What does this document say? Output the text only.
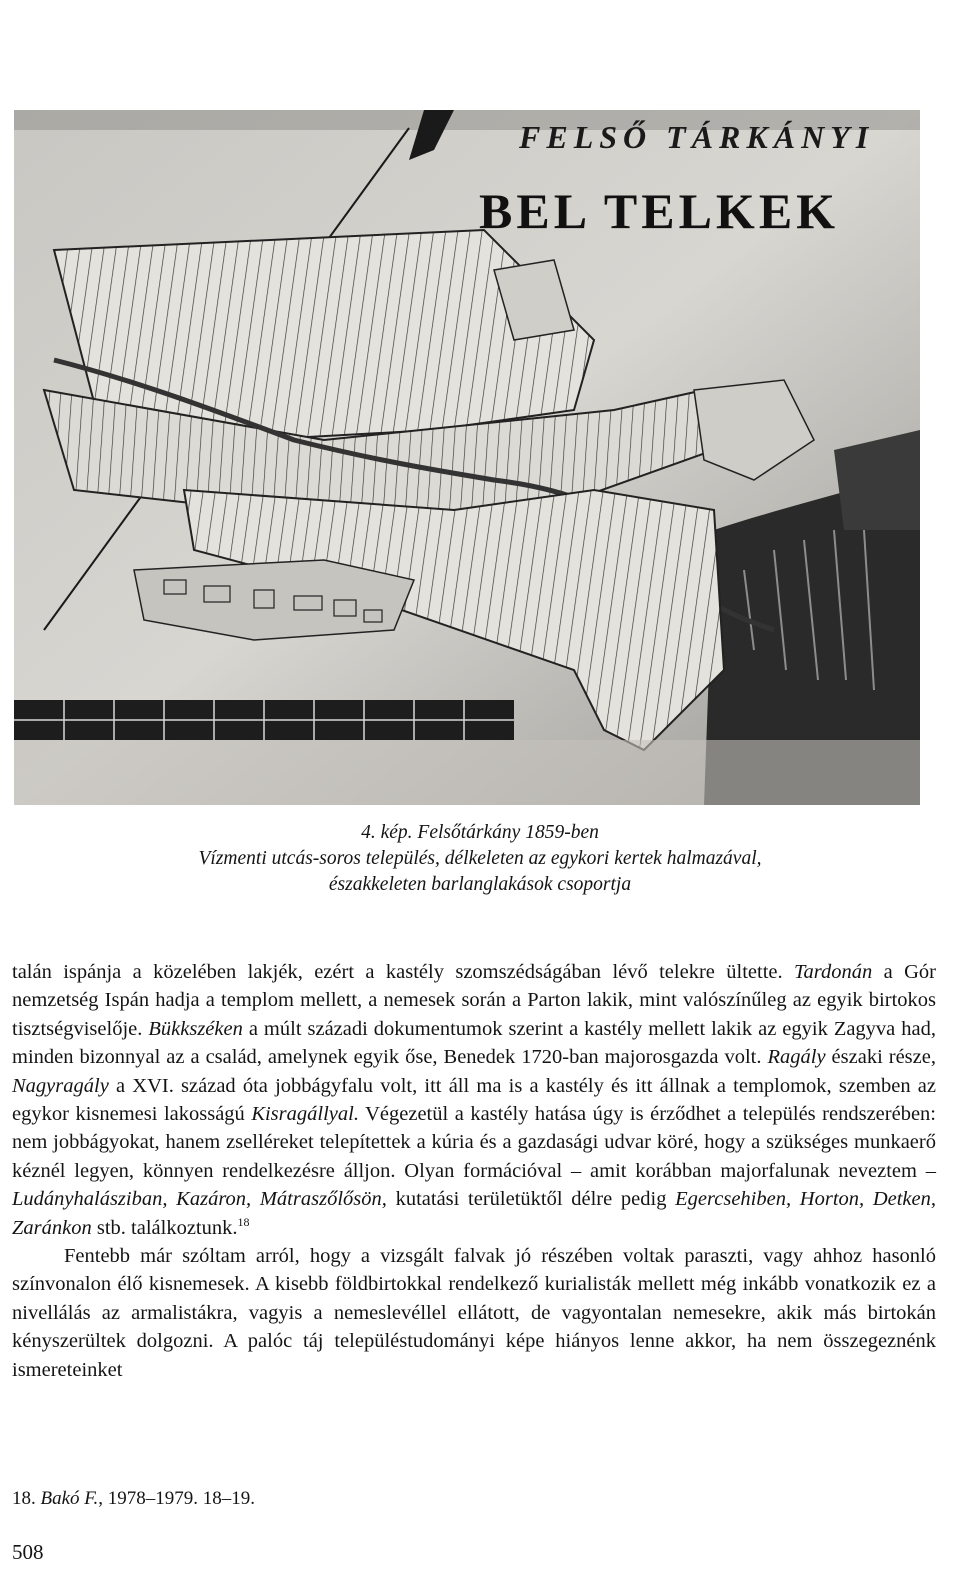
FELSŐ TÁRKÁNYI
BEL TELKEK
4. kép. Felsőtárkány 1859-ben
Vízmenti utcás-soros település, délkeleten az egykori kertek halmazával,
északkeleten barlanglakások csoportja

talán ispánja a közelében lakjék, ezért a kastély szomszédságában lévő telekre ültette. Tardonán a Gór nemzetség Ispán hadja a templom mellett, a nemesek során a Parton lakik, mint valószínűleg az egyik birtokos tisztségviselője. Bükkszéken a múlt századi dokumentumok szerint a kastély mellett lakik az egyik Zagyva had, minden bizonnyal az a család, amelynek egyik őse, Benedek 1720-ban majorosgazda volt. Ragály északi része, Nagyragály a XVI. század óta jobbágyfalu volt, itt áll ma is a kastély és itt állnak a templomok, szemben az egykor kisnemesi lakosságú Kisragállyal. Végezetül a kastély hatása úgy is érződhet a település rendszerében: nem jobbágyokat, hanem zselléreket telepítettek a kúria és a gazdasági udvar köré, hogy a szükséges munkaerő kéznél legyen, könnyen rendelkezésre álljon. Olyan formációval – amit korábban majorfalunak neveztem – Ludányhalásziban, Kazáron, Mátraszőlősön, kutatási területüktől délre pedig Egercsehiben, Horton, Detken, Zaránkon stb. találkoztunk.$^{18}$

Fentebb már szóltam arról, hogy a vizsgált falvak jó részében voltak paraszti, vagy ahhoz hasonló színvonalon élő kisnemesek. A kisebb földbirtokkal rendelkező kurialisták mellett még inkább vonatkozik ez a nivellálás az armalistákra, vagyis a nemeslevéllel ellátott, de vagyontalan nemesekre, akik más birtokán kényszerültek dolgozni. A palóc táj településtudományi képe hiányos lenne akkor, ha nem összegeznénk ismereteinket

18. Bakó F., 1978–1979. 18–19.
508
